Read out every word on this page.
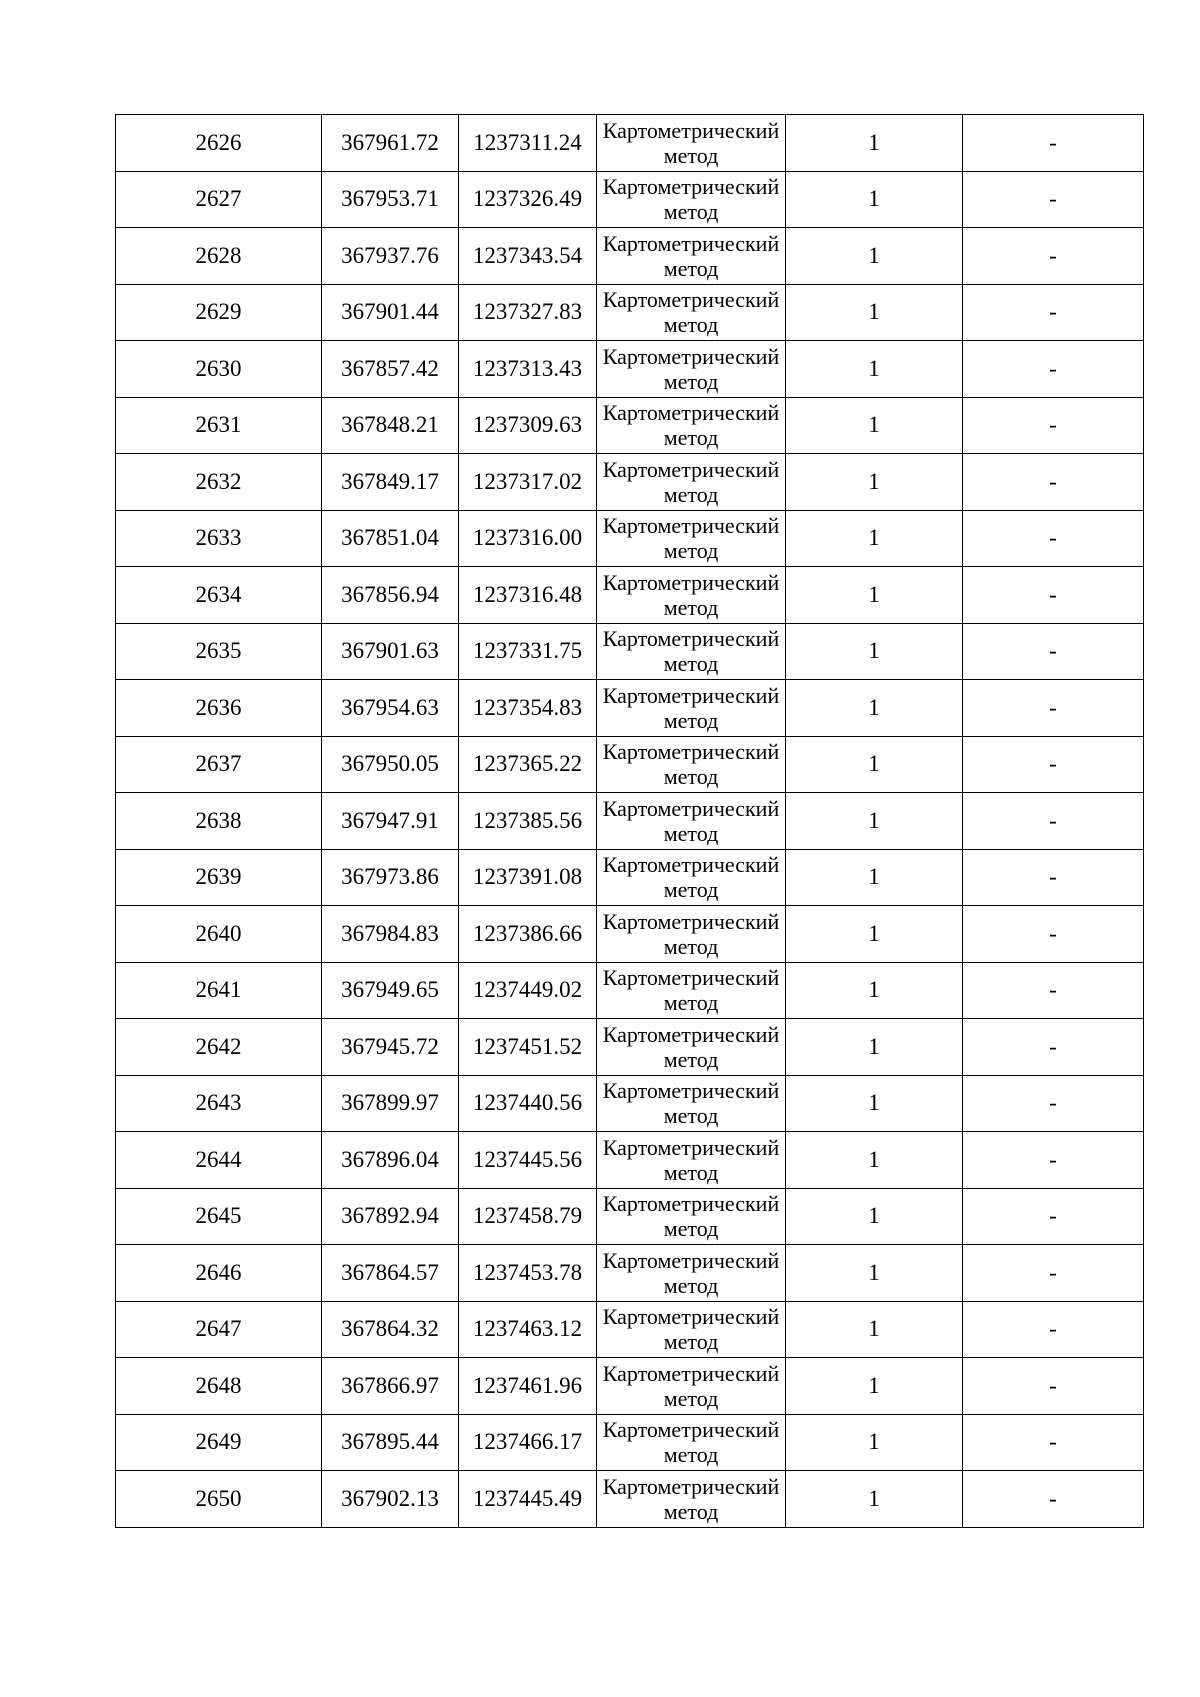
2626	367961.72	1237311.24	Картометрический метод	1	-
2627	367953.71	1237326.49	Картометрический метод	1	-
2628	367937.76	1237343.54	Картометрический метод	1	-
2629	367901.44	1237327.83	Картометрический метод	1	-
2630	367857.42	1237313.43	Картометрический метод	1	-
2631	367848.21	1237309.63	Картометрический метод	1	-
2632	367849.17	1237317.02	Картометрический метод	1	-
2633	367851.04	1237316.00	Картометрический метод	1	-
2634	367856.94	1237316.48	Картометрический метод	1	-
2635	367901.63	1237331.75	Картометрический метод	1	-
2636	367954.63	1237354.83	Картометрический метод	1	-
2637	367950.05	1237365.22	Картометрический метод	1	-
2638	367947.91	1237385.56	Картометрический метод	1	-
2639	367973.86	1237391.08	Картометрический метод	1	-
2640	367984.83	1237386.66	Картометрический метод	1	-
2641	367949.65	1237449.02	Картометрический метод	1	-
2642	367945.72	1237451.52	Картометрический метод	1	-
2643	367899.97	1237440.56	Картометрический метод	1	-
2644	367896.04	1237445.56	Картометрический метод	1	-
2645	367892.94	1237458.79	Картометрический метод	1	-
2646	367864.57	1237453.78	Картометрический метод	1	-
2647	367864.32	1237463.12	Картометрический метод	1	-
2648	367866.97	1237461.96	Картометрический метод	1	-
2649	367895.44	1237466.17	Картометрический метод	1	-
2650	367902.13	1237445.49	Картометрический метод	1	-
